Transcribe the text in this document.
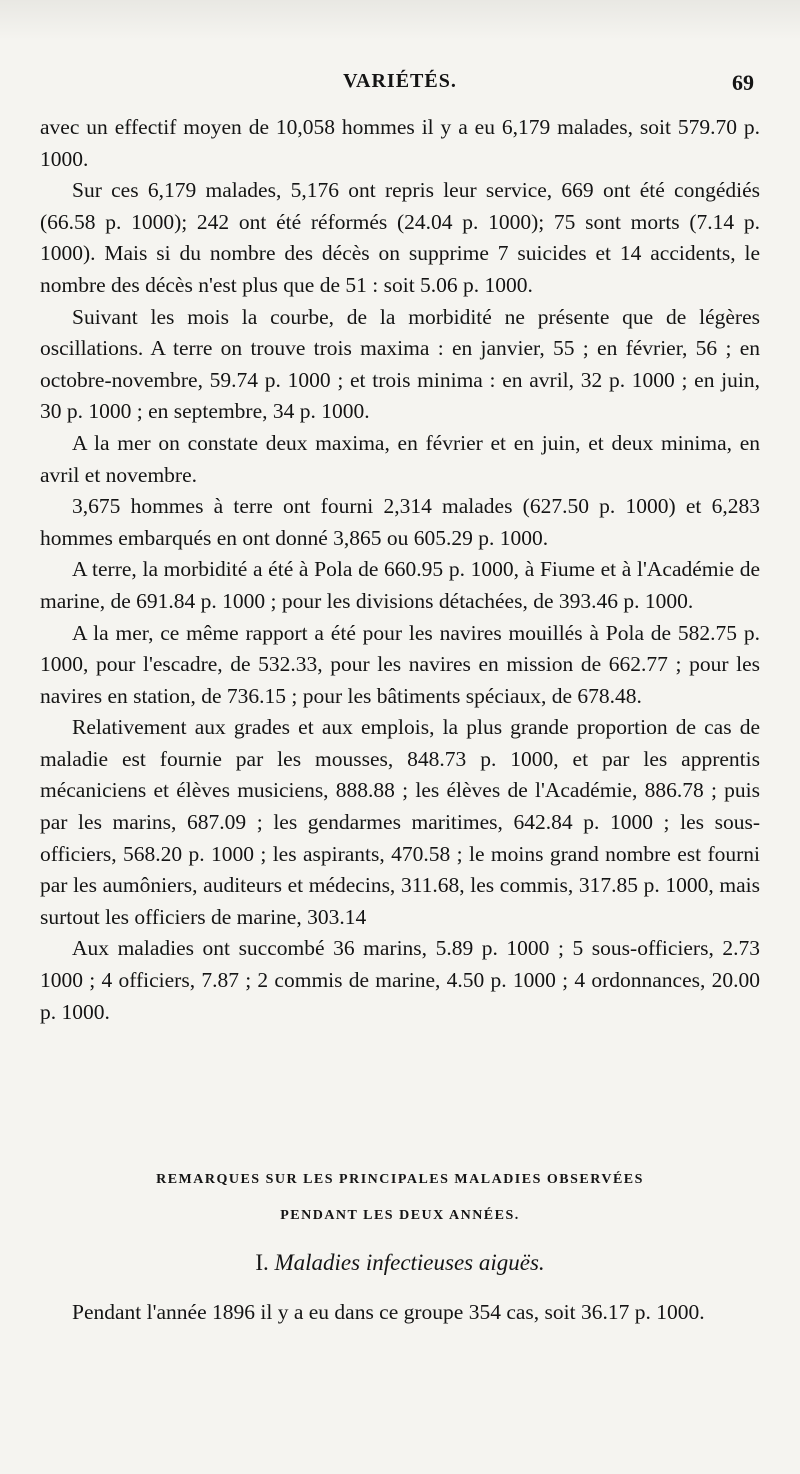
VARIÉTÉS.	69

avec un effectif moyen de 10,058 hommes il y a eu 6,179 malades, soit 579.70 p. 1000.

Sur ces 6,179 malades, 5,176 ont repris leur service, 669 ont été congédiés (66.58 p. 1000); 242 ont été réformés (24.04 p. 1000); 75 sont morts (7.14 p. 1000). Mais si du nombre des décès on supprime 7 suicides et 14 accidents, le nombre des décès n'est plus que de 51 : soit 5.06 p. 1000.

Suivant les mois la courbe, de la morbidité ne présente que de légères oscillations. A terre on trouve trois maxima : en janvier, 55 ; en février, 56 ; en octobre-novembre, 59.74 p. 1000 ; et trois minima : en avril, 32 p. 1000 ; en juin, 30 p. 1000 ; en septembre, 34 p. 1000.

A la mer on constate deux maxima, en février et en juin, et deux minima, en avril et novembre.

3,675 hommes à terre ont fourni 2,314 malades (627.50 p. 1000) et 6,283 hommes embarqués en ont donné 3,865 ou 605.29 p. 1000.

A terre, la morbidité a été à Pola de 660.95 p. 1000, à Fiume et à l'Académie de marine, de 691.84 p. 1000 ; pour les divisions détachées, de 393.46 p. 1000.

A la mer, ce même rapport a été pour les navires mouillés à Pola de 582.75 p. 1000, pour l'escadre, de 532.33, pour les navires en mission de 662.77 ; pour les navires en station, de 736.15 ; pour les bâtiments spéciaux, de 678.48.

Relativement aux grades et aux emplois, la plus grande proportion de cas de maladie est fournie par les mousses, 848.73 p. 1000, et par les apprentis mécaniciens et élèves musiciens, 888.88 ; les élèves de l'Académie, 886.78 ; puis par les marins, 687.09 ; les gendarmes maritimes, 642.84 p. 1000 ; les sous-officiers, 568.20 p. 1000 ; les aspirants, 470.58 ; le moins grand nombre est fourni par les aumôniers, auditeurs et médecins, 311.68, les commis, 317.85 p. 1000, mais surtout les officiers de marine, 303.14

Aux maladies ont succombé 36 marins, 5.89 p. 1000 ; 5 sous-officiers, 2.73 1000 ; 4 officiers, 7.87 ; 2 commis de marine, 4.50 p. 1000 ; 4 ordonnances, 20.00 p. 1000.

REMARQUES SUR LES PRINCIPALES MALADIES OBSERVÉES
PENDANT LES DEUX ANNÉES.
I. Maladies infectieuses aiguës.

Pendant l'année 1896 il y a eu dans ce groupe 354 cas, soit 36.17 p. 1000.
